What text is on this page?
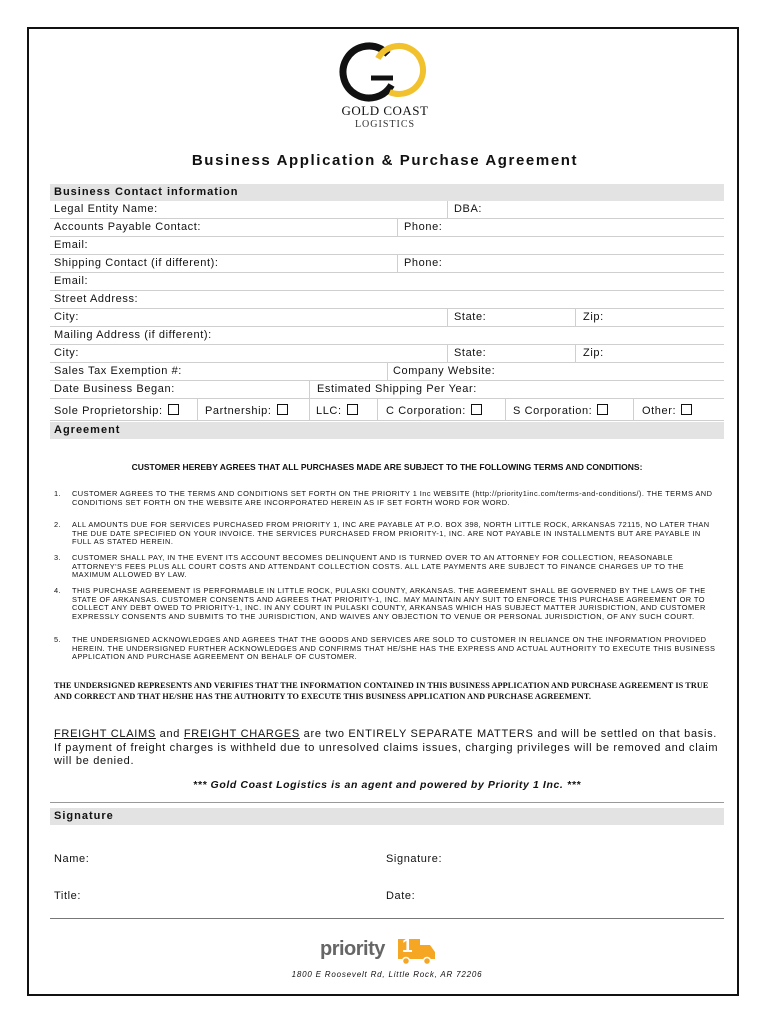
GOLD COAST
LOGISTICS
Business Application & Purchase Agreement
Business Contact information
Legal Entity Name:	DBA:
Accounts Payable Contact:	Phone:
Email:
Shipping Contact (if different):	Phone:
Email:
Street Address:
City:	State:	Zip:
Mailing Address (if different):
City:	State:	Zip:
Sales Tax Exemption #:	Company Website:
Date Business Began:	Estimated Shipping Per Year:
Sole Proprietorship:	Partnership:	LLC:	C Corporation:	S Corporation:	Other:
Agreement
CUSTOMER HEREBY AGREES THAT ALL PURCHASES MADE ARE SUBJECT TO THE FOLLOWING TERMS AND CONDITIONS:
1. CUSTOMER AGREES TO THE TERMS AND CONDITIONS SET FORTH ON THE PRIORITY 1 Inc WEBSITE (http://priority1inc.com/terms-and-conditions/). THE TERMS AND CONDITIONS SET FORTH ON THE WEBSITE ARE INCORPORATED HEREIN AS IF SET FORTH WORD FOR WORD.
2. ALL AMOUNTS DUE FOR SERVICES PURCHASED FROM PRIORITY 1, INC ARE PAYABLE AT P.O. BOX 398, NORTH LITTLE ROCK, ARKANSAS 72115, NO LATER THAN THE DUE DATE SPECIFIED ON YOUR INVOICE. THE SERVICES PURCHASED FROM PRIORITY-1, INC. ARE NOT PAYABLE IN INSTALLMENTS BUT ARE PAYABLE IN FULL AS STATED HEREIN.
3. CUSTOMER SHALL PAY, IN THE EVENT ITS ACCOUNT BECOMES DELINQUENT AND IS TURNED OVER TO AN ATTORNEY FOR COLLECTION, REASONABLE ATTORNEY'S FEES PLUS ALL COURT COSTS AND ATTENDANT COLLECTION COSTS. ALL LATE PAYMENTS ARE SUBJECT TO FINANCE CHARGES UP TO THE MAXIMUM ALLOWED BY LAW.
4. THIS PURCHASE AGREEMENT IS PERFORMABLE IN LITTLE ROCK, PULASKI COUNTY, ARKANSAS. THE AGREEMENT SHALL BE GOVERNED BY THE LAWS OF THE STATE OF ARKANSAS. CUSTOMER CONSENTS AND AGREES THAT PRIORITY-1, INC. MAY MAINTAIN ANY SUIT TO ENFORCE THIS PURCHASE AGREEMENT OR TO COLLECT ANY DEBT OWED TO PRIORITY-1, INC. IN ANY COURT IN PULASKI COUNTY, ARKANSAS WHICH HAS SUBJECT MATTER JURISDICTION, AND CUSTOMER EXPRESSLY CONSENTS AND SUBMITS TO THE JURISDICTION, AND WAIVES ANY OBJECTION TO VENUE OR PERSONAL JURISDICTION, OF ANY SUCH COURT.
5. THE UNDERSIGNED ACKNOWLEDGES AND AGREES THAT THE GOODS AND SERVICES ARE SOLD TO CUSTOMER IN RELIANCE ON THE INFORMATION PROVIDED HEREIN. THE UNDERSIGNED FURTHER ACKNOWLEDGES AND CONFIRMS THAT HE/SHE HAS THE EXPRESS AND ACTUAL AUTHORITY TO EXECUTE THIS BUSINESS APPLICATION AND PURCHASE AGREEMENT ON BEHALF OF CUSTOMER.
THE UNDERSIGNED REPRESENTS AND VERIFIES THAT THE INFORMATION CONTAINED IN THIS BUSINESS APPLICATION AND PURCHASE AGREEMENT IS TRUE AND CORRECT AND THAT HE/SHE HAS THE AUTHORITY TO EXECUTE THIS BUSINESS APPLICATION AND PURCHASE AGREEMENT.
FREIGHT CLAIMS and FREIGHT CHARGES are two ENTIRELY SEPARATE MATTERS and will be settled on that basis. If payment of freight charges is withheld due to unresolved claims issues, charging privileges will be removed and claim will be denied.
*** Gold Coast Logistics is an agent and powered by Priority 1 Inc. ***
Signature
Name:	Signature:
Title:	Date:
priority 1
1800 E Roosevelt Rd, Little Rock, AR 72206
